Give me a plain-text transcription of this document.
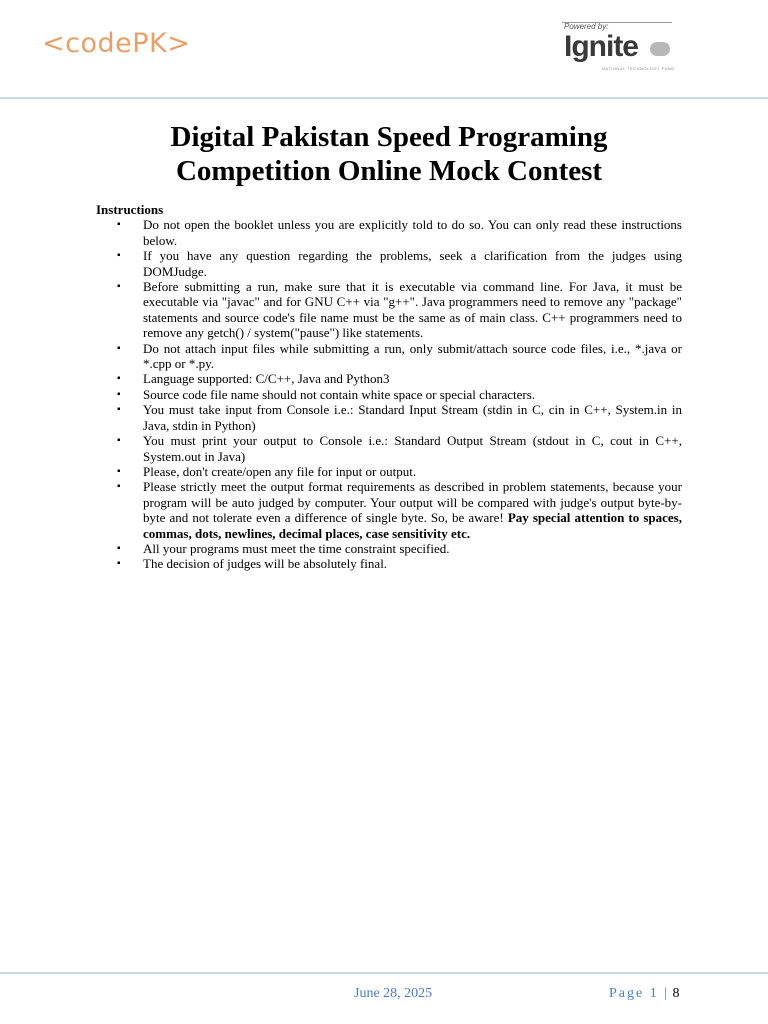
<codePK>
Powered by:
Ignite
NATIONAL TECHNOLOGY FUND
Digital Pakistan Speed Programing Competition Online Mock Contest
Instructions
▪ Do not open the booklet unless you are explicitly told to do so. You can only read these instructions below.
▪ If you have any question regarding the problems, seek a clarification from the judges using DOMJudge.
▪ Before submitting a run, make sure that it is executable via command line. For Java, it must be executable via "javac" and for GNU C++ via "g++". Java programmers need to remove any "package" statements and source code's file name must be the same as of main class. C++ programmers need to remove any getch() / system("pause") like statements.
▪ Do not attach input files while submitting a run, only submit/attach source code files, i.e., *.java or *.cpp or *.py.
▪ Language supported: C/C++, Java and Python3
▪ Source code file name should not contain white space or special characters.
▪ You must take input from Console i.e.: Standard Input Stream (stdin in C, cin in C++, System.in in Java, stdin in Python)
▪ You must print your output to Console i.e.: Standard Output Stream (stdout in C, cout in C++, System.out in Java)
▪ Please, don't create/open any file for input or output.
▪ Please strictly meet the output format requirements as described in problem statements, because your program will be auto judged by computer. Your output will be compared with judge's output byte-by-byte and not tolerate even a difference of single byte. So, be aware! Pay special attention to spaces, commas, dots, newlines, decimal places, case sensitivity etc.
▪ All your programs must meet the time constraint specified.
▪ The decision of judges will be absolutely final.
June 28, 2025	Page 1 | 8
